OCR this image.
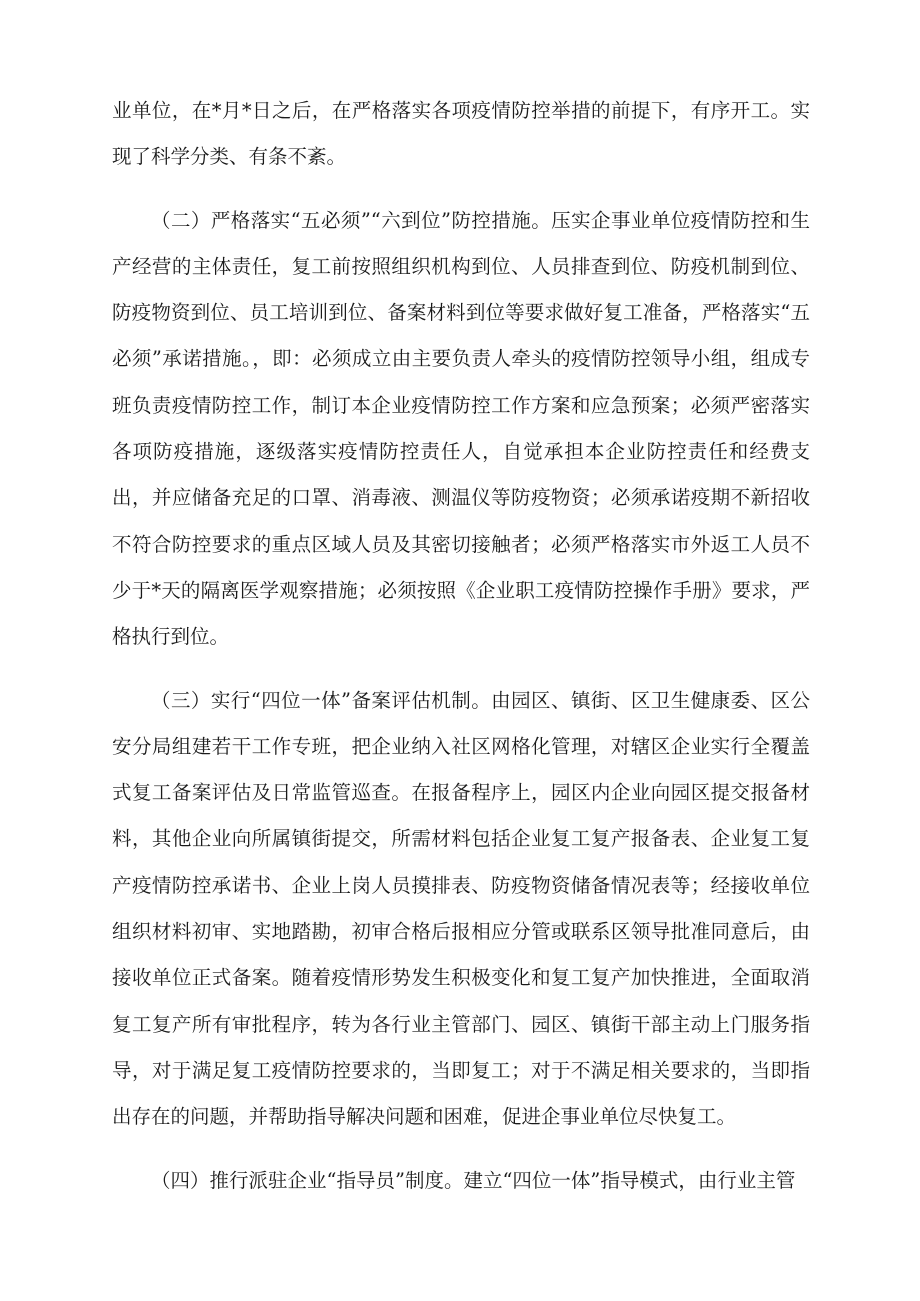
业单位，在*月*日之后，在严格落实各项疫情防控举措的前提下，有序开工。实现了科学分类、有条不紊。

（二）严格落实“五必须”“六到位”防控措施。压实企事业单位疫情防控和生产经营的主体责任，复工前按照组织机构到位、人员排查到位、防疫机制到位、防疫物资到位、员工培训到位、备案材料到位等要求做好复工准备，严格落实“五必须”承诺措施。，即：必须成立由主要负责人牵头的疫情防控领导小组，组成专班负责疫情防控工作，制订本企业疫情防控工作方案和应急预案；必须严密落实各项防疫措施，逐级落实疫情防控责任人，自觉承担本企业防控责任和经费支出，并应储备充足的口罩、消毒液、测温仪等防疫物资；必须承诺疫期不新招收不符合防控要求的重点区域人员及其密切接触者；必须严格落实市外返工人员不少于*天的隔离医学观察措施；必须按照《企业职工疫情防控操作手册》要求，严格执行到位。

（三）实行“四位一体”备案评估机制。由园区、镇街、区卫生健康委、区公安分局组建若干工作专班，把企业纳入社区网格化管理，对辖区企业实行全覆盖式复工备案评估及日常监管巡查。在报备程序上，园区内企业向园区提交报备材料，其他企业向所属镇街提交，所需材料包括企业复工复产报备表、企业复工复产疫情防控承诺书、企业上岗人员摸排表、防疫物资储备情况表等；经接收单位组织材料初审、实地踏勘，初审合格后报相应分管或联系区领导批准同意后，由接收单位正式备案。随着疫情形势发生积极变化和复工复产加快推进，全面取消复工复产所有审批程序，转为各行业主管部门、园区、镇街干部主动上门服务指导，对于满足复工疫情防控要求的，当即复工；对于不满足相关要求的，当即指出存在的问题，并帮助指导解决问题和困难，促进企事业单位尽快复工。

（四）推行派驻企业“指导员”制度。建立“四位一体”指导模式，由行业主管
